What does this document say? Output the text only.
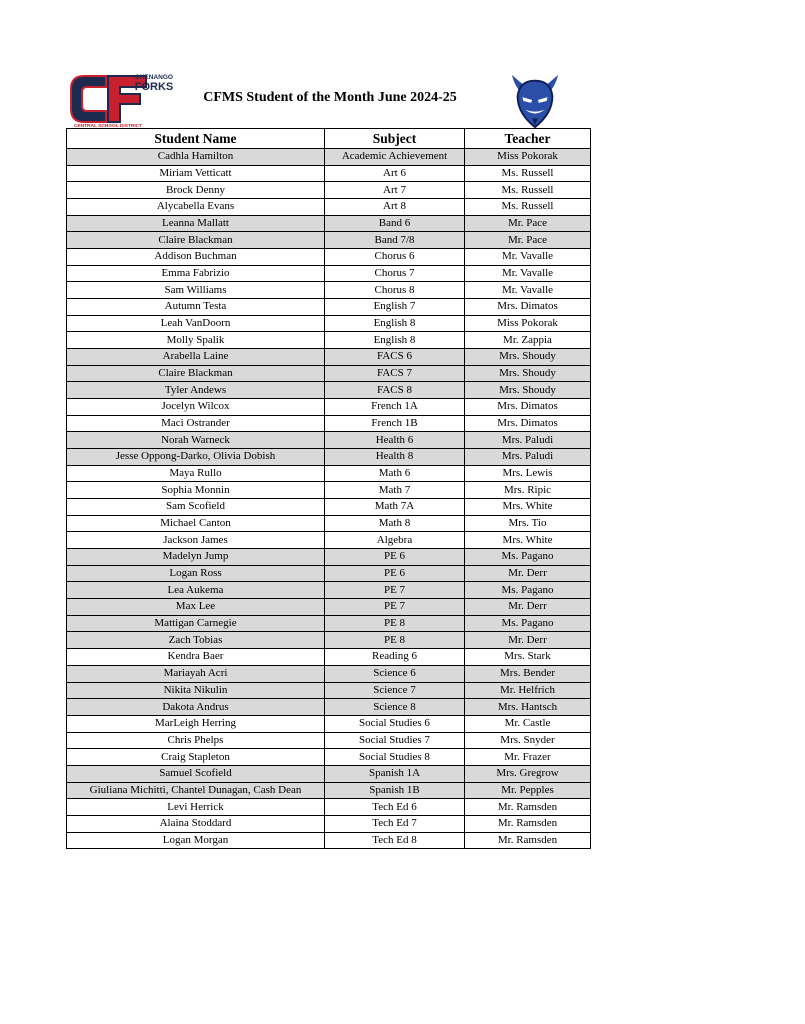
CHENANGO
FORKS
CENTRAL SCHOOL DISTRICT
CFMS Student of the Month June 2024-25
Student Name	Subject	Teacher
Cadhla Hamilton	Academic Achievement	Miss Pokorak
Miriam Vetticatt	Art 6	Ms. Russell
Brock Denny	Art 7	Ms. Russell
Alycabella Evans	Art 8	Ms. Russell
Leanna Mallatt	Band 6	Mr. Pace
Claire Blackman	Band 7/8	Mr. Pace
Addison Buchman	Chorus 6	Mr. Vavalle
Emma Fabrizio	Chorus 7	Mr. Vavalle
Sam Williams	Chorus 8	Mr. Vavalle
Autumn Testa	English 7	Mrs. Dimatos
Leah VanDoorn	English 8	Miss Pokorak
Molly Spalik	English 8	Mr. Zappia
Arabella Laine	FACS 6	Mrs. Shoudy
Claire Blackman	FACS 7	Mrs. Shoudy
Tyler Andews	FACS 8	Mrs. Shoudy
Jocelyn Wilcox	French 1A	Mrs. Dimatos
Maci Ostrander	French 1B	Mrs. Dimatos
Norah Warneck	Health 6	Mrs. Paludi
Jesse Oppong-Darko, Olivia Dobish	Health 8	Mrs. Paludi
Maya Rullo	Math 6	Mrs. Lewis
Sophia Monnin	Math 7	Mrs. Ripic
Sam Scofield	Math 7A	Mrs. White
Michael Canton	Math 8	Mrs. Tio
Jackson James	Algebra	Mrs. White
Madelyn Jump	PE 6	Ms. Pagano
Logan Ross	PE 6	Mr. Derr
Lea Aukema	PE 7	Ms. Pagano
Max Lee	PE 7	Mr. Derr
Mattigan Carnegie	PE 8	Ms. Pagano
Zach Tobias	PE 8	Mr. Derr
Kendra Baer	Reading 6	Mrs. Stark
Mariayah Acri	Science 6	Mrs. Bender
Nikita Nikulin	Science 7	Mr. Helfrich
Dakota Andrus	Science 8	Mrs. Hantsch
MarLeigh Herring	Social Studies 6	Mr. Castle
Chris Phelps	Social Studies 7	Mrs. Snyder
Craig Stapleton	Social Studies 8	Mr. Frazer
Samuel Scofield	Spanish 1A	Mrs. Gregrow
Giuliana Michitti, Chantel Dunagan, Cash Dean	Spanish 1B	Mr. Pepples
Levi Herrick	Tech Ed 6	Mr. Ramsden
Alaina Stoddard	Tech Ed 7	Mr. Ramsden
Logan Morgan	Tech Ed 8	Mr. Ramsden
